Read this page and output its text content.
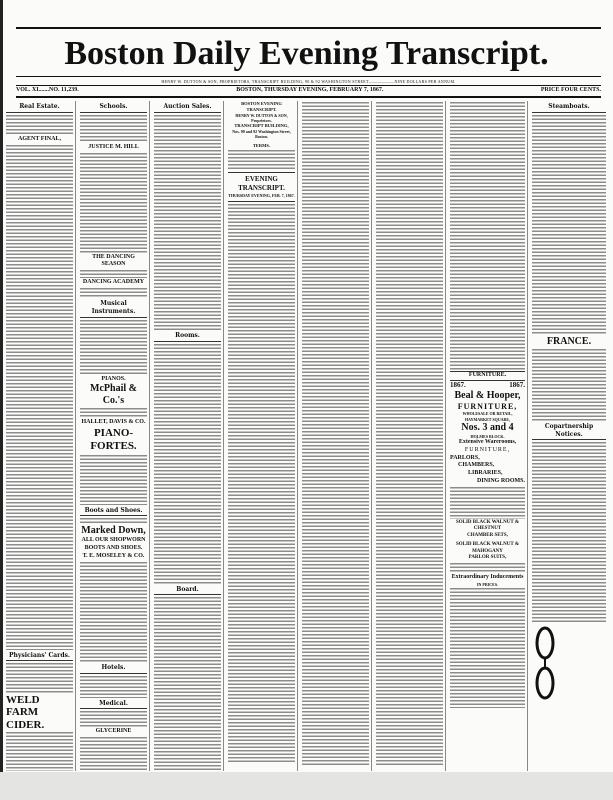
Boston Daily Evening Transcript.
HENRY W. DUTTON & SON, PROPRIETORS, TRANSCRIPT BUILDING, 90 & 92 WASHINGTON STREET——————NINE DOLLARS PER ANNUM.
VOL. XI.......NO. 11,239.	BOSTON, THURSDAY EVENING, FEBRUARY 7, 1867.	PRICE FOUR CENTS.
Real Estate.
AGENT FINAL,
Physicians' Cards.
WELD FARM CIDER.
Schools.
JUSTICE M. HILL
THE DANCING SEASON
DANCING ACADEMY
Musical Instruments.
PIANOS.
McPhail & Co.'s
HALLET, DAVIS & CO.
PIANO-FORTES.
Boots and Shoes.
Marked Down,
ALL OUR SHOPWORN
BOOTS AND SHOES.
T. E. MOSELEY & CO.
Hotels.
Medical.
GLYCERINE
Auction Sales.
Rooms.
Board.
BOSTON EVENING TRANSCRIPT.
HENRY W. DUTTON & SON, Proprietors.
TRANSCRIPT BUILDING,
Nos. 90 and 92 Washington Street, Boston.
TERMS.
EVENING TRANSCRIPT.
THURSDAY EVENING, FEB. 7, 1867.
FURNITURE.
1867.	1867.
Beal & Hooper,
FURNITURE,
WHOLESALE OR RETAIL,
HAYMARKET SQUARE,
Nos. 3 and 4
HOLMES BLOCK.
Extensive Warerooms,
FURNITURE,
PARLORS,
CHAMBERS,
LIBRARIES,
DINING ROOMS.
SOLID BLACK WALNUT & CHESTNUT
CHAMBER SETS,
SOLID BLACK WALNUT & MAHOGANY
PARLOR SUITS,
Extraordinary Inducements
IN PRICES.
Steamboats.
FRANCE.
Copartnership Notices.
